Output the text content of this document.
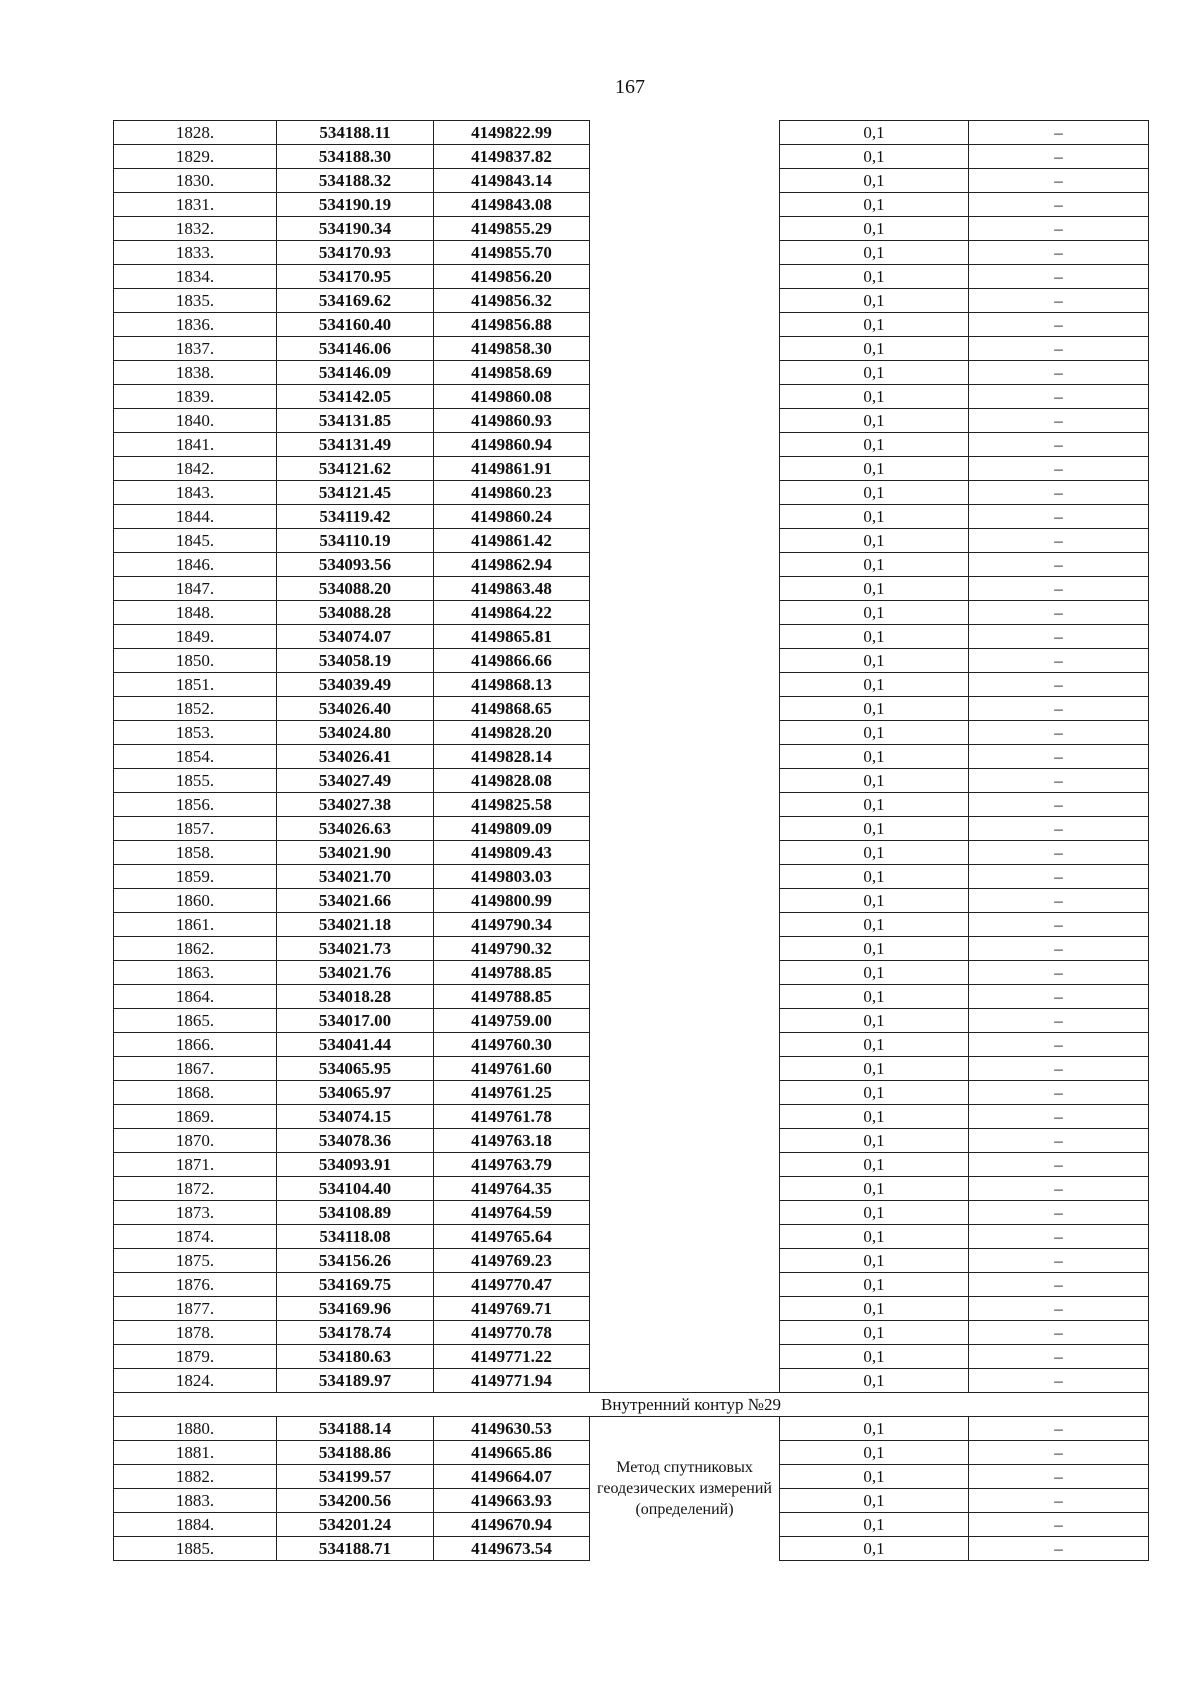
167
1828.	534188.11	4149822.99		0,1	–
1829.	534188.30	4149837.82		0,1	–
1830.	534188.32	4149843.14		0,1	–
1831.	534190.19	4149843.08		0,1	–
1832.	534190.34	4149855.29		0,1	–
1833.	534170.93	4149855.70		0,1	–
1834.	534170.95	4149856.20		0,1	–
1835.	534169.62	4149856.32		0,1	–
1836.	534160.40	4149856.88		0,1	–
1837.	534146.06	4149858.30		0,1	–
1838.	534146.09	4149858.69		0,1	–
1839.	534142.05	4149860.08		0,1	–
1840.	534131.85	4149860.93		0,1	–
1841.	534131.49	4149860.94		0,1	–
1842.	534121.62	4149861.91		0,1	–
1843.	534121.45	4149860.23		0,1	–
1844.	534119.42	4149860.24		0,1	–
1845.	534110.19	4149861.42		0,1	–
1846.	534093.56	4149862.94		0,1	–
1847.	534088.20	4149863.48		0,1	–
1848.	534088.28	4149864.22		0,1	–
1849.	534074.07	4149865.81		0,1	–
1850.	534058.19	4149866.66		0,1	–
1851.	534039.49	4149868.13		0,1	–
1852.	534026.40	4149868.65		0,1	–
1853.	534024.80	4149828.20		0,1	–
1854.	534026.41	4149828.14		0,1	–
1855.	534027.49	4149828.08		0,1	–
1856.	534027.38	4149825.58		0,1	–
1857.	534026.63	4149809.09		0,1	–
1858.	534021.90	4149809.43		0,1	–
1859.	534021.70	4149803.03		0,1	–
1860.	534021.66	4149800.99		0,1	–
1861.	534021.18	4149790.34		0,1	–
1862.	534021.73	4149790.32		0,1	–
1863.	534021.76	4149788.85		0,1	–
1864.	534018.28	4149788.85		0,1	–
1865.	534017.00	4149759.00		0,1	–
1866.	534041.44	4149760.30		0,1	–
1867.	534065.95	4149761.60		0,1	–
1868.	534065.97	4149761.25		0,1	–
1869.	534074.15	4149761.78		0,1	–
1870.	534078.36	4149763.18		0,1	–
1871.	534093.91	4149763.79		0,1	–
1872.	534104.40	4149764.35		0,1	–
1873.	534108.89	4149764.59		0,1	–
1874.	534118.08	4149765.64		0,1	–
1875.	534156.26	4149769.23		0,1	–
1876.	534169.75	4149770.47		0,1	–
1877.	534169.96	4149769.71		0,1	–
1878.	534178.74	4149770.78		0,1	–
1879.	534180.63	4149771.22		0,1	–
1824.	534189.97	4149771.94		0,1	–
Внутренний контур №29					
1880.	534188.14	4149630.53	Метод спутниковых геодезических измерений (определений)	0,1	–
1881.	534188.86	4149665.86		0,1	–
1882.	534199.57	4149664.07		0,1	–
1883.	534200.56	4149663.93		0,1	–
1884.	534201.24	4149670.94		0,1	–
1885.	534188.71	4149673.54		0,1	–
